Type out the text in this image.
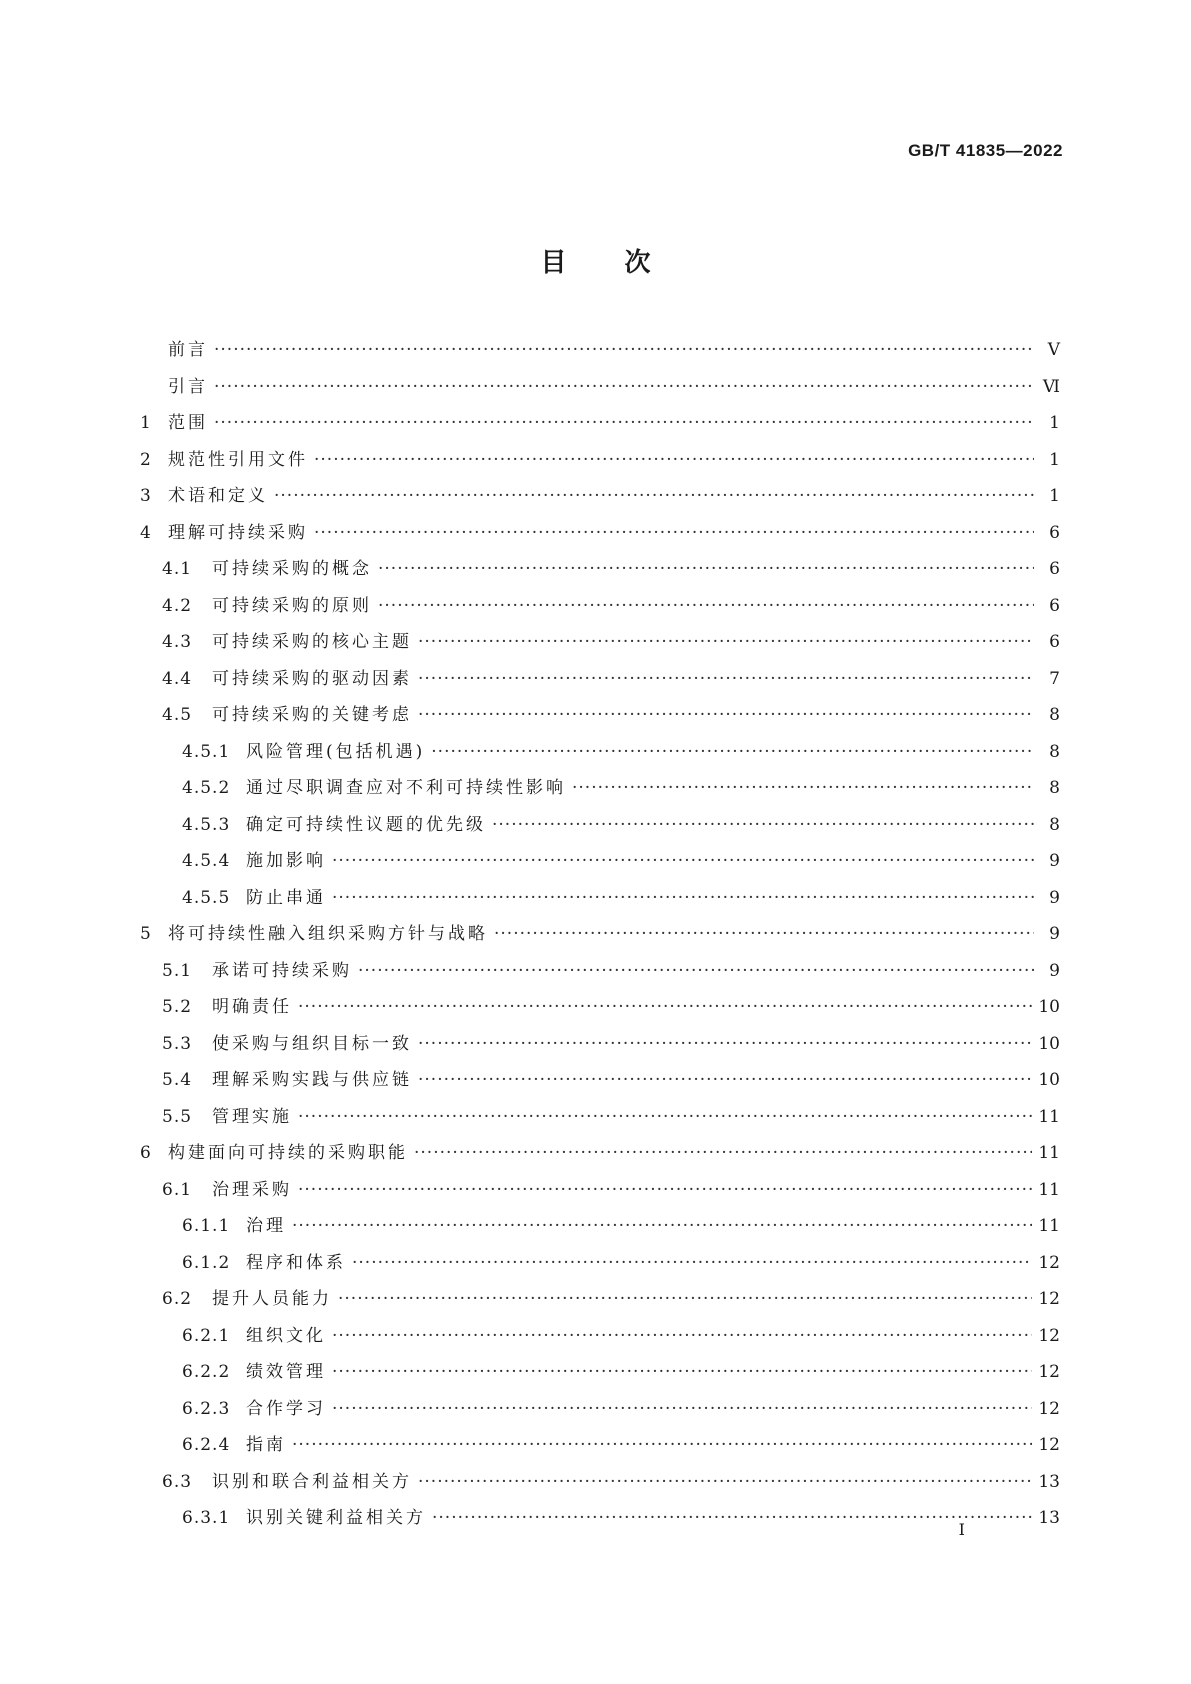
GB/T 41835—2022
目次
前言 ·····	Ⅴ
引言 ·····	Ⅵ
1 范围 ·····	1
2 规范性引用文件 ·····	1
3 术语和定义 ·····	1
4 理解可持续采购 ·····	6
4.1	可持续采购的概念 ·····	6
4.2	可持续采购的原则 ·····	6
4.3	可持续采购的核心主题 ·····	6
4.4	可持续采购的驱动因素 ·····	7
4.5	可持续采购的关键考虑 ·····	8
4.5.1 风险管理(包括机遇) ·····	8
4.5.2 通过尽职调查应对不利可持续性影响 ·····	8
4.5.3 确定可持续性议题的优先级 ·····	8
4.5.4 施加影响 ·····	9
4.5.5 防止串通 ·····	9
5 将可持续性融入组织采购方针与战略 ·····	9
5.1	承诺可持续采购 ·····	9
5.2	明确责任 ·····	10
5.3	使采购与组织目标一致 ·····	10
5.4	理解采购实践与供应链 ·····	10
5.5	管理实施 ·····	11
6 构建面向可持续的采购职能 ·····	11
6.1	治理采购 ·····	11
6.1.1 治理 ·····	11
6.1.2 程序和体系 ·····	12
6.2	提升人员能力 ·····	12
6.2.1 组织文化 ·····	12
6.2.2 绩效管理 ·····	12
6.2.3 合作学习 ·····	12
6.2.4 指南 ·····	12
6.3	识别和联合利益相关方 ·····	13
6.3.1 识别关键利益相关方 ·····	13
Ⅰ
